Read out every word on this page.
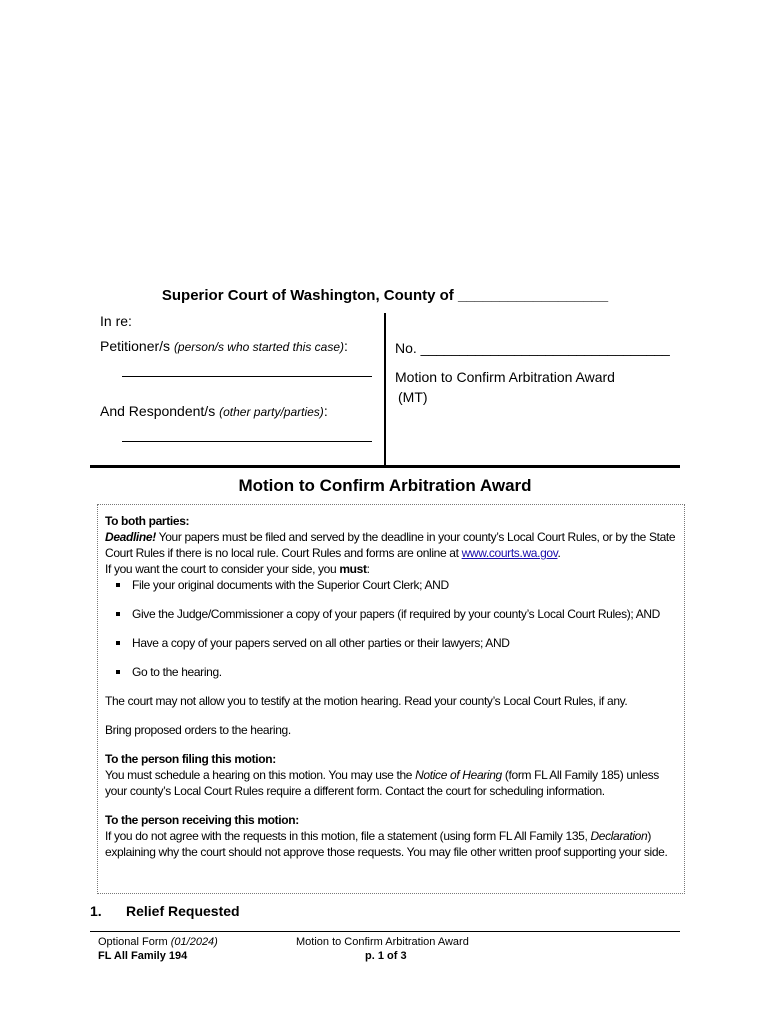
Superior Court of Washington, County of __________________
In re:
Petitioner/s (person/s who started this case):
And Respondent/s (other party/parties):
No. ________________________________
Motion to Confirm Arbitration Award
(MT)
Motion to Confirm Arbitration Award

To both parties:

Deadline! Your papers must be filed and served by the deadline in your county’s Local Court Rules, or by the State Court Rules if there is no local rule. Court Rules and forms are online at www.courts.wa.gov.

If you want the court to consider your side, you must:

File your original documents with the Superior Court Clerk; AND
Give the Judge/Commissioner a copy of your papers (if required by your county’s Local Court Rules); AND
Have a copy of your papers served on all other parties or their lawyers; AND
Go to the hearing.

The court may not allow you to testify at the motion hearing. Read your county’s Local Court Rules, if any.

Bring proposed orders to the hearing.

To the person filing this motion:

You must schedule a hearing on this motion. You may use the Notice of Hearing (form FL All Family 185) unless your county’s Local Court Rules require a different form. Contact the court for scheduling information.

To the person receiving this motion:

If you do not agree with the requests in this motion, file a statement (using form FL All Family 135, Declaration) explaining why the court should not approve those requests. You may file other written proof supporting your side.

1. Relief Requested
Optional Form (01/2024)
FL All Family 194
Motion to Confirm Arbitration Award
p. 1 of 3
